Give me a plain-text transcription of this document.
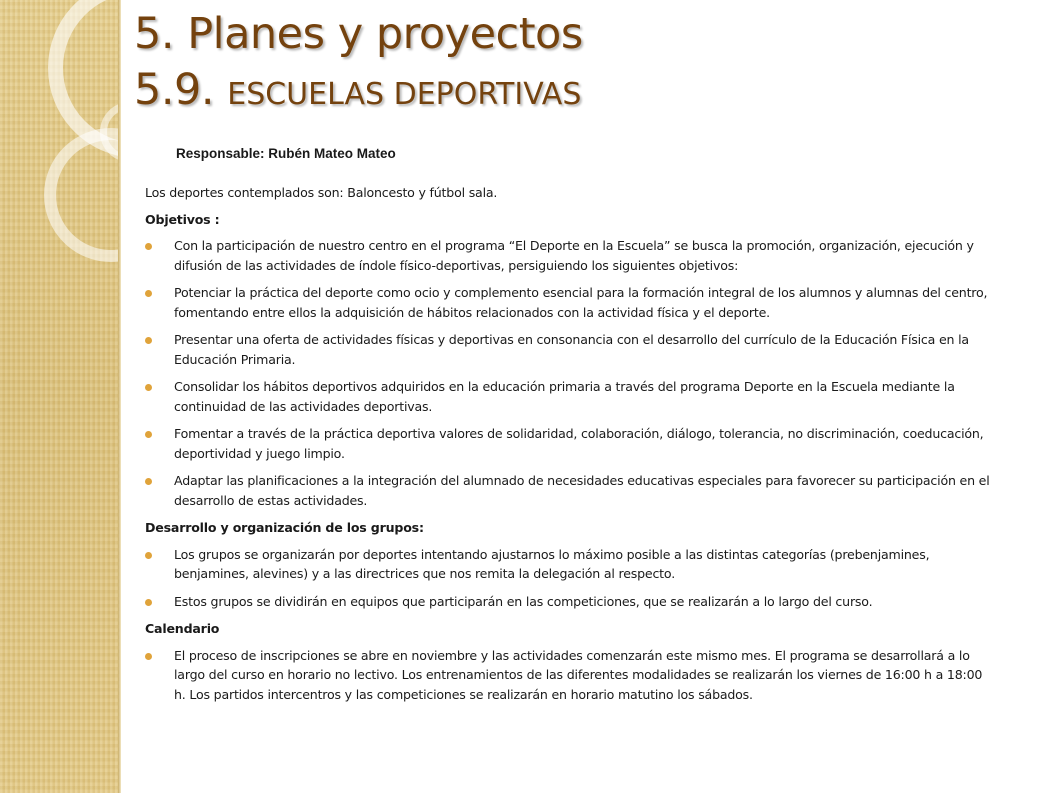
5. Planes y proyectos
5.9. ESCUELAS DEPORTIVAS
Responsable: Rubén Mateo Mateo

Los deportes contemplados son: Baloncesto y fútbol sala.

Objetivos :

Con la participación de nuestro centro en el programa “El Deporte en la Escuela” se busca la promoción, organización, ejecución y difusión de las actividades de índole físico-deportivas, persiguiendo los siguientes objetivos:
Potenciar la práctica del deporte como ocio y complemento esencial para la formación integral de los alumnos y alumnas del centro, fomentando entre ellos la adquisición de hábitos relacionados con la actividad física y el deporte.
Presentar una oferta de actividades físicas y deportivas en consonancia con el desarrollo del currículo de la Educación Física en la Educación Primaria.
Consolidar los hábitos deportivos adquiridos en la educación primaria a través del programa Deporte en la Escuela mediante la continuidad de las actividades deportivas.
Fomentar a través de la práctica deportiva valores de solidaridad, colaboración, diálogo, tolerancia, no discriminación, coeducación, deportividad y juego limpio.
Adaptar las planificaciones a la integración del alumnado de necesidades educativas especiales para favorecer su participación en el desarrollo de estas actividades.

Desarrollo y organización de los grupos:

Los grupos se organizarán por deportes intentando ajustarnos lo máximo posible a las distintas categorías (prebenjamines, benjamines, alevines) y a las directrices que nos remita la delegación al respecto.
Estos grupos se dividirán en equipos que participarán en las competiciones, que se realizarán a lo largo del curso.

Calendario

El proceso de inscripciones se abre en noviembre y las actividades comenzarán este mismo mes. El programa se desarrollará a lo largo del curso en horario no lectivo. Los entrenamientos de las diferentes modalidades se realizarán los viernes de 16:00 h a 18:00 h. Los partidos intercentros y las competiciones se realizarán en horario matutino los sábados.
